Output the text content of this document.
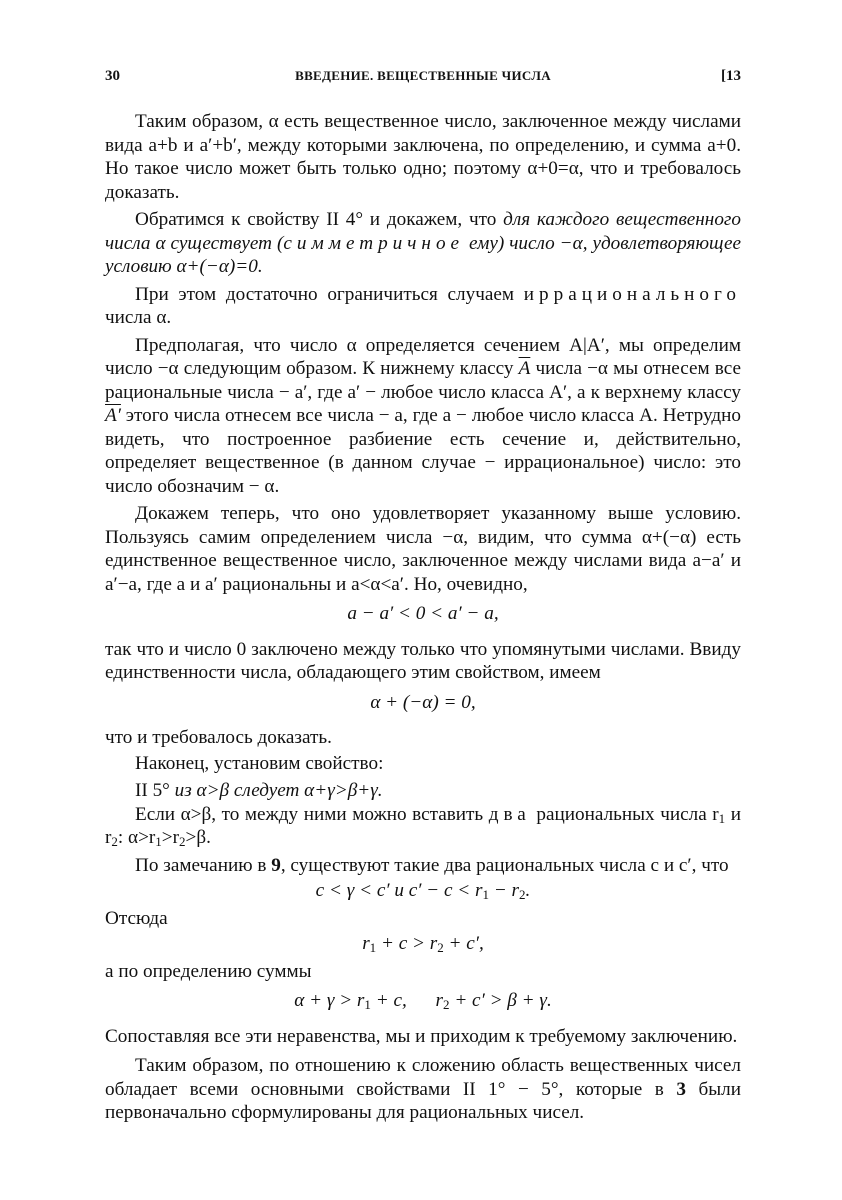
30	ВВЕДЕНИЕ. ВЕЩЕСТВЕННЫЕ ЧИСЛА	[13

Таким образом, α есть вещественное число, заключенное между числами вида a+b и a′+b′, между которыми заключена, по определению, и сумма a+0. Но такое число может быть только одно; поэтому α+0=α, что и требовалось доказать.

Обратимся к свойству II 4° и докажем, что для каждого вещественного числа α существует (симметричное ему) число −α, удовлетворяющее условию α+(−α)=0.

При этом достаточно ограничиться случаем иррационального числа α.

Предполагая, что число α определяется сечением A|A′, мы определим число −α следующим образом. К нижнему классу $\overline{A}$ числа −α мы отнесем все рациональные числа − a′, где a′ − любое число класса A′, а к верхнему классу A′ этого числа отнесем все числа − a, где a − любое число класса A. Нетрудно видеть, что построенное разбиение есть сечение и, действительно, определяет вещественное (в данном случае − иррациональное) число: это число обозначим − α.

Докажем теперь, что оно удовлетворяет указанному выше условию. Пользуясь самим определением числа −α, видим, что сумма α+(−α) есть единственное вещественное число, заключенное между числами вида a−a′ и a′−a, где a и a′ рациональны и a<α<a′. Но, очевидно,

a − a′ < 0 < a′ − a,

так что и число 0 заключено между только что упомянутыми числами. Ввиду единственности числа, обладающего этим свойством, имеем

α + (−α) = 0,

что и требовалось доказать.

Наконец, установим свойство:

II 5° из α>β следует α+γ>β+γ.

Если α>β, то между ними можно вставить два рациональных числа $r_1$ и $r_2$: $\alpha>r_1>r_2>\beta$.

По замечанию в 9, существуют такие два рациональных числа c и c′, что

c < γ < c′ и $c' - c < r_1 - r_2$.

Отсюда

$r_1 + c > r_2 + c'$,

а по определению суммы

$\alpha + \gamma > r_1 + c$,      $r_2 + c' > \beta + \gamma$.

Сопоставляя все эти неравенства, мы и приходим к требуемому заключению.

Таким образом, по отношению к сложению область вещественных чисел обладает всеми основными свойствами II 1° − 5°, которые в 3 были первоначально сформулированы для рациональных чисел.
